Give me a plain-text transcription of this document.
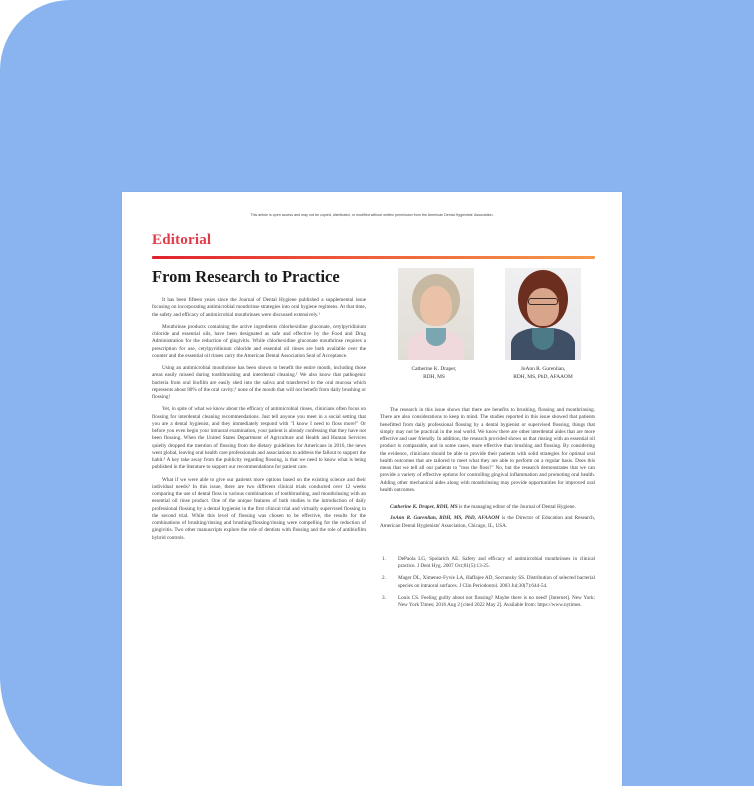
This article is open access and may not be copied, distributed, or modified without written permission from the American Dental Hygienists' Association.
Editorial
From Research to Practice

It has been fifteen years since the Journal of Dental Hygiene published a supplemental issue focusing on incorporating antimicrobial mouthrinse strategies into oral hygiene regimens. At that time, the safety and efficacy of antimicrobial mouthrinses were discussed extensively.¹

Mouthrinse products containing the active ingredients chlorhexidine gluconate, cetylpyridinium chloride and essential oils, have been designated as safe and effective by the Food and Drug Administration for the reduction of gingivitis. While chlorhexidine gluconate mouthrinse requires a prescription for use, cetylpyridinium chloride and essential oil rinses are both available over the counter and the essential oil rinses carry the American Dental Association Seal of Acceptance.

Using an antimicrobial mouthrinse has been shown to benefit the entire mouth, including those areas easily missed during toothbrushing and interdental cleaning.¹ We also know that pathogenic bacteria from oral biofilm are easily shed into the saliva and transferred to the oral mucosa which represents about 80% of the oral cavity;² none of the mouth that will not benefit from daily brushing or flossing!

Yet, in spite of what we know about the efficacy of antimicrobial rinses, clinicians often focus on flossing for interdental cleaning recommendations. Just tell anyone you meet in a social setting that you are a dental hygienist, and they immediately respond with "I know I need to floss more!" Or before you even begin your intraoral examination, your patient is already confessing that they have not been flossing. When the United States Department of Agriculture and Health and Human Services quietly dropped the mention of flossing from the dietary guidelines for Americans in 2016, the news went global, leaving oral health care professionals and associations to address the fallout to support the habit.³ A key take away from the publicity regarding flossing, is that we need to know what is being published in the literature to support our recommendations for patient care.

What if we were able to give our patients more options based on the existing science and their individual needs? In this issue, there are two different clinical trials conducted over 12 weeks comparing the use of dental floss in various combinations of toothbrushing, and mouthrinsing with an essential oil rinse product. One of the unique features of both studies is the introduction of daily professional flossing by a dental hygienist in the first clinical trial and virtually supervised flossing in the second trial. While this level of flossing was chosen to be effective, the results for the combinations of brushing/rinsing and brushing/flossing/rinsing were compelling for the reduction of gingivitis. Two other manuscripts explore the role of dentists with flossing and the role of antibiofilm hybrid controls.

Catherine K. Draper,
RDH, MS
JoAnn R. Gurenlian,
RDH, MS, PhD, AFAAOM

The research in this issue shows that there are benefits to brushing, flossing and mouthrinsing. There are also considerations to keep in mind. The studies reported in this issue showed that patients benefitted from daily professional flossing by a dental hygienist or supervised flossing, things that simply may not be practical in the real world. We know there are other interdental aides that are more effective and user friendly. In addition, the research provided shows us that rinsing with an essential oil product is comparable, and in some cases, more effective than brushing and flossing. By considering the evidence, clinicians should be able to provide their patients with solid strategies for optimal oral health outcomes that are tailored to meet what they are able to perform on a regular basis. Does this mean that we tell all our patients to "toss the floss?" No, but the research demonstrates that we can provide a variety of effective options for controlling gingival inflammation and promoting oral health. Adding other mechanical aides along with mouthrinsing may provide opportunities for improved oral health outcomes.

Catherine K. Draper, RDH, MS is the managing editor of the Journal of Dental Hygiene.

JoAnn R. Gurenlian, RDH, MS, PhD, AFAAOM is the Director of Education and Research, American Dental Hygienists' Association, Chicago, IL, USA.

1.	DePaola LG, Spolarich AE. Safety and efficacy of antimicrobial mouthrinses in clinical practice. J Dent Hyg. 2007 Oct;81(5):13-25.
2.	Mager DL, Ximenez-Fyvie LA, Haffajee AD, Socransky SS. Distribution of selected bacterial species on intraoral surfaces. J Clin Periodontol. 2003 Jul;30(7):644-54.
3.	Louis CS. Feeling guilty about not flossing? Maybe there is no need! [Internet]. New York: New York Times; 2016 Aug 2 [cited 2022 May 2]. Available from: https://www.nytimes.
